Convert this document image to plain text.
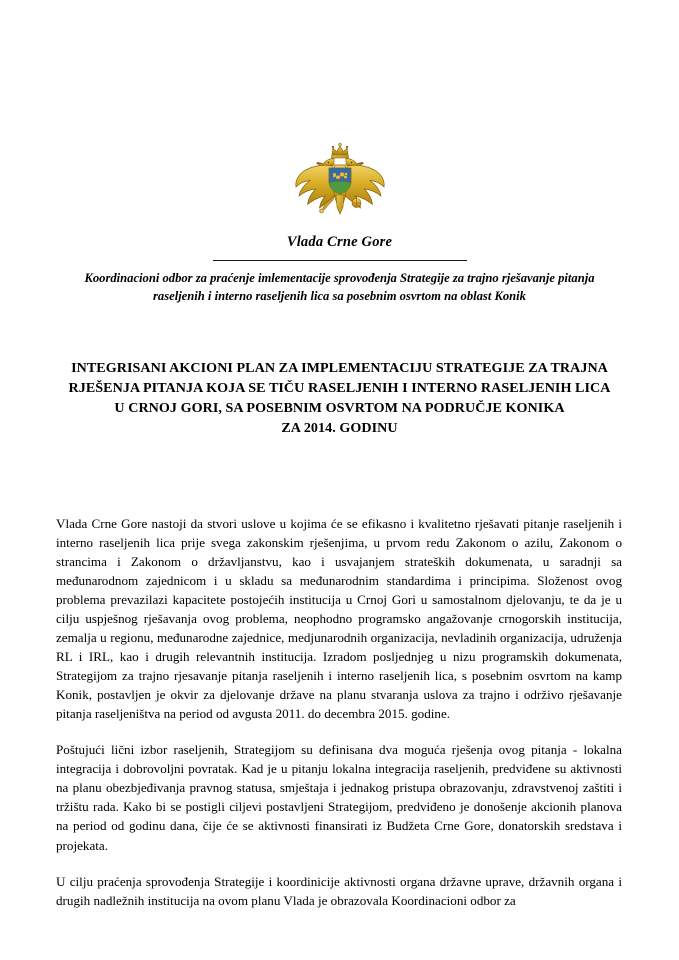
Vlada Crne Gore
Koordinacioni odbor za praćenje imlementacije sprovođenja Strategije za trajno rješavanje pitanja raseljenih i interno raseljenih lica sa posebnim osvrtom na oblast Konik
INTEGRISANI AKCIONI PLAN ZA IMPLEMENTACIJU STRATEGIJE ZA TRAJNA
RJEŠENJA PITANJA KOJA SE TIČU RASELJENIH I INTERNO RASELJENIH LICA
U CRNOJ GORI, SA POSEBNIM OSVRTOM NA PODRUČJE KONIKA
ZA 2014. GODINU

Vlada Crne Gore nastoji da stvori uslove u kojima će se efikasno i kvalitetno rješavati pitanje raseljenih i interno raseljenih lica prije svega zakonskim rješenjima, u prvom redu Zakonom o azilu, Zakonom o strancima i Zakonom o državljanstvu, kao i usvajanjem strateških dokumenata, u saradnji sa međunarodnom zajednicom i u skladu sa međunarodnim standardima i principima. Složenost ovog problema prevazilazi kapacitete postojećih institucija u Crnoj Gori u samostalnom djelovanju, te da je u cilju uspješnog rješavanja ovog problema, neophodno programsko angažovanje crnogorskih institucija, zemalja u regionu, međunarodne zajednice, medjunarodnih organizacija, nevladinih organizacija, udruženja RL i IRL, kao i drugih relevantnih institucija. Izradom posljednjeg u nizu programskih dokumenata, Strategijom za trajno rjesavanje pitanja raseljenih i interno raseljenih lica, s posebnim osvrtom na kamp Konik, postavljen je okvir za djelovanje države na planu stvaranja uslova za trajno i održivo rješavanje pitanja raseljeništva na period od avgusta 2011. do decembra 2015. godine.

Poštujući lični izbor raseljenih, Strategijom su definisana dva moguća rješenja ovog pitanja - lokalna integracija i dobrovoljni povratak. Kad je u pitanju lokalna integracija raseljenih, predviđene su aktivnosti na planu obezbjeđivanja pravnog statusa, smještaja i jednakog pristupa obrazovanju, zdravstvenoj zaštiti i tržištu rada. Kako bi se postigli ciljevi postavljeni Strategijom, predviđeno je donošenje akcionih planova na period od godinu dana, čije će se aktivnosti finansirati iz Budžeta Crne Gore, donatorskih sredstava i projekata.

U cilju praćenja sprovođenja Strategije i koordinicije aktivnosti organa državne uprave, državnih organa i drugih nadležnih institucija na ovom planu Vlada je obrazovala Koordinacioni odbor za
